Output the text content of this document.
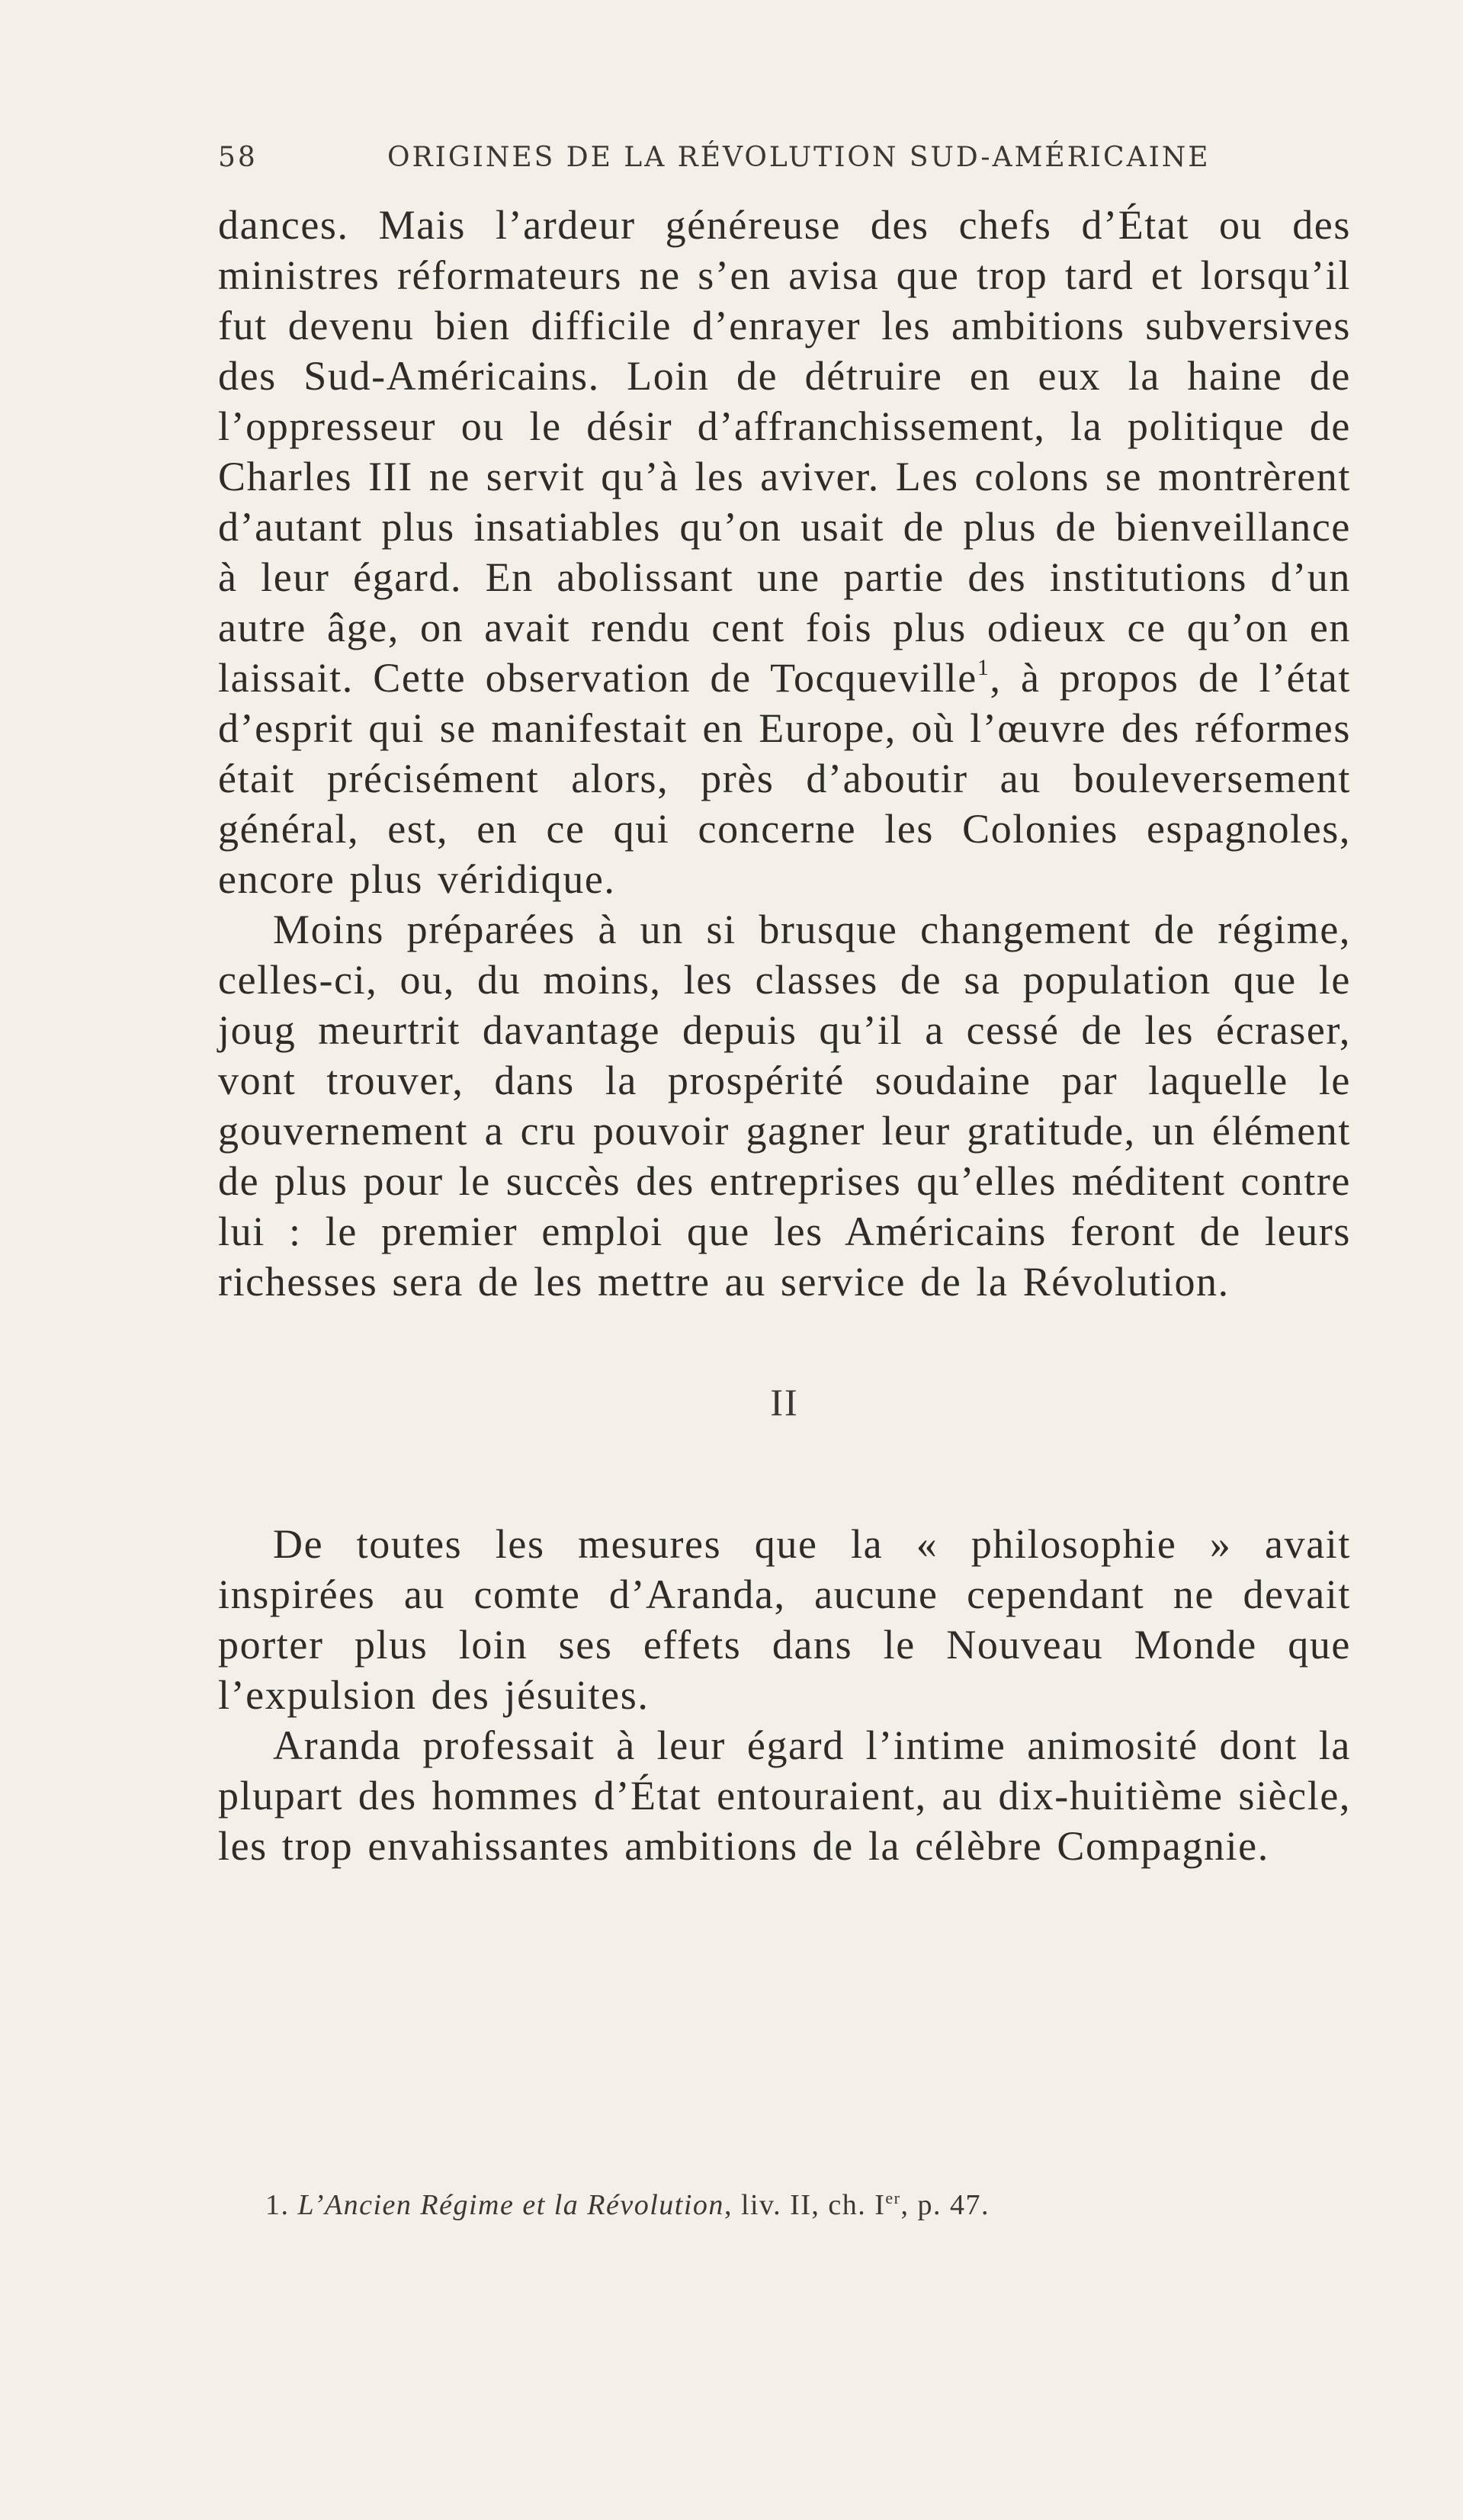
58	ORIGINES DE LA RÉVOLUTION SUD-AMÉRICAINE

dances. Mais l’ardeur généreuse des chefs d’État ou des ministres réformateurs ne s’en avisa que trop tard et lorsqu’il fut devenu bien difficile d’enrayer les ambitions subversives des Sud-Américains. Loin de détruire en eux la haine de l’oppresseur ou le désir d’affranchissement, la politique de Charles III ne servit qu’à les aviver. Les colons se montrèrent d’autant plus insatiables qu’on usait de plus de bienveillance à leur égard. En abolissant une partie des institutions d’un autre âge, on avait rendu cent fois plus odieux ce qu’on en laissait. Cette observation de Tocqueville$^1$, à propos de l’état d’esprit qui se manifestait en Europe, où l’œuvre des réformes était précisément alors, près d’aboutir au bouleversement général, est, en ce qui concerne les Colonies espagnoles, encore plus véridique.

Moins préparées à un si brusque changement de régime, celles-ci, ou, du moins, les classes de sa population que le joug meurtrit davantage depuis qu’il a cessé de les écraser, vont trouver, dans la prospérité soudaine par laquelle le gouvernement a cru pouvoir gagner leur gratitude, un élément de plus pour le succès des entreprises qu’elles méditent contre lui : le premier emploi que les Américains feront de leurs richesses sera de les mettre au service de la Révolution.

II

De toutes les mesures que la « philosophie » avait inspirées au comte d’Aranda, aucune cependant ne devait porter plus loin ses effets dans le Nouveau Monde que l’expulsion des jésuites.

Aranda professait à leur égard l’intime animosité dont la plupart des hommes d’État entouraient, au dix-huitième siècle, les trop envahissantes ambitions de la célèbre Compagnie.

1. L’Ancien Régime et la Révolution, liv. II, ch. Ier, p. 47.
